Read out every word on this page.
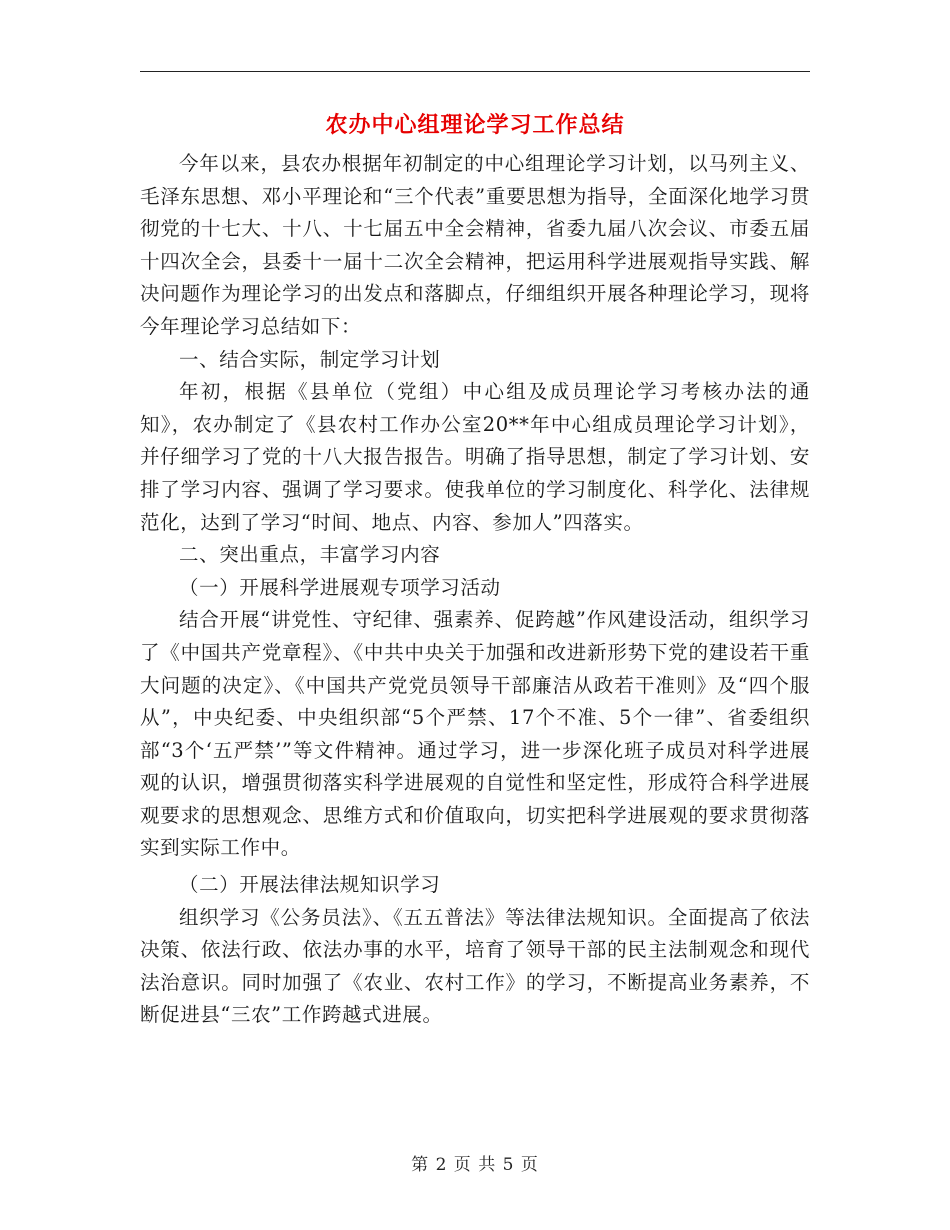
农办中心组理论学习工作总结

今年以来，县农办根据年初制定的中心组理论学习计划，以马列主义、毛泽东思想、邓小平理论和“三个代表”重要思想为指导，全面深化地学习贯彻党的十七大、十八、十七届五中全会精神，省委九届八次会议、市委五届十四次全会，县委十一届十二次全会精神，把运用科学进展观指导实践、解决问题作为理论学习的出发点和落脚点，仔细组织开展各种理论学习，现将今年理论学习总结如下：

一、结合实际，制定学习计划

年初，根据《县单位（党组）中心组及成员理论学习考核办法的通知》，农办制定了《县农村工作办公室20**年中心组成员理论学习计划》，并仔细学习了党的十八大报告报告。明确了指导思想，制定了学习计划、安排了学习内容、强调了学习要求。使我单位的学习制度化、科学化、法律规范化，达到了学习“时间、地点、内容、参加人”四落实。

二、突出重点，丰富学习内容

（一）开展科学进展观专项学习活动

结合开展“讲党性、守纪律、强素养、促跨越”作风建设活动，组织学习了《中国共产党章程》、《中共中央关于加强和改进新形势下党的建设若干重大问题的决定》、《中国共产党党员领导干部廉洁从政若干准则》及“四个服从”，中央纪委、中央组织部“5个严禁、17个不准、5个一律”、省委组织部“3个‘五严禁’”等文件精神。通过学习，进一步深化班子成员对科学进展观的认识，增强贯彻落实科学进展观的自觉性和坚定性，形成符合科学进展观要求的思想观念、思维方式和价值取向，切实把科学进展观的要求贯彻落实到实际工作中。

（二）开展法律法规知识学习

组织学习《公务员法》、《五五普法》等法律法规知识。全面提高了依法决策、依法行政、依法办事的水平，培育了领导干部的民主法制观念和现代法治意识。同时加强了《农业、农村工作》的学习，不断提高业务素养，不断促进县“三农”工作跨越式进展。

第 2 页 共 5 页
